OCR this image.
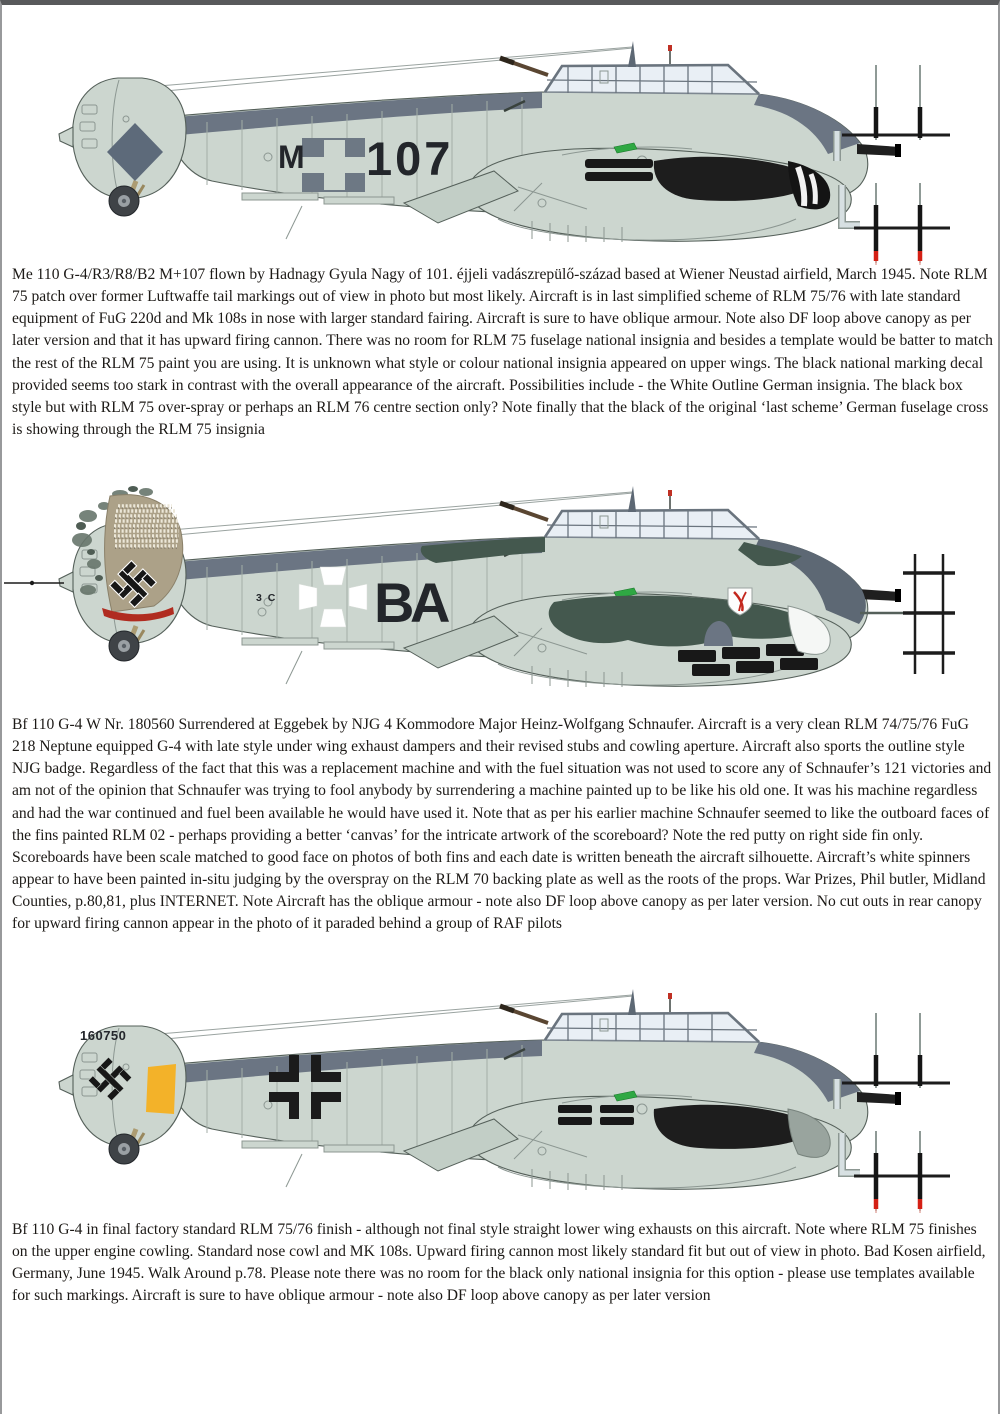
M 107

Me 110 G-4/R3/R8/B2 M+107 flown by Hadnagy Gyula Nagy of 101. éjjeli vadászrepülő-század based at Wiener Neustad airfield, March 1945. Note RLM 75 patch over former Luftwaffe tail markings out of view in photo but most likely. Aircraft is in last simplified scheme of RLM 75/76 with late standard equipment of FuG 220d and Mk 108s in nose with larger standard fairing. Aircraft is sure to have oblique armour. Note also DF loop above canopy as per later version and that it has upward firing cannon. There was no room for RLM 75 fuselage national insignia and besides a template would be batter to match the rest of the RLM 75 paint you are using. It is unknown what style or colour national insignia appeared on upper wings. The black national marking decal provided seems too stark in contrast with the overall appearance of the aircraft. Possibilities include - the White Outline German insignia. The black box style but with RLM 75 over-spray or perhaps an RLM 76 centre section only? Note finally that the black of the original ‘last scheme’ German fuselage cross is showing through the RLM 75 insignia

B
A
3 C

Bf 110 G-4 W Nr. 180560 Surrendered at Eggebek by NJG 4 Kommodore Major Heinz-Wolfgang Schnaufer. Aircraft is a very clean RLM 74/75/76 FuG 218 Neptune equipped G-4 with late style under wing exhaust dampers and their revised stubs and cowling aperture. Aircraft also sports the outline style NJG badge. Regardless of the fact that this was a replacement machine and with the fuel situation was not used to score any of Schnaufer’s 121 victories and am not of the opinion that Schnaufer was trying to fool anybody by surrendering a machine painted up to be like his old one. It was his machine regardless and had the war continued and fuel been available he would have used it. Note that as per his earlier machine Schnaufer seemed to like the outboard faces of the fins painted RLM 02 - perhaps providing a better ‘canvas’ for the intricate artwork of the scoreboard? Note the red putty on right side fin only. Scoreboards have been scale matched to good face on photos of both fins and each date is written beneath the aircraft silhouette. Aircraft’s white spinners appear to have been painted in-situ judging by the overspray on the RLM 70 backing plate as well as the roots of the props. War Prizes, Phil butler, Midland Counties, p.80,81, plus INTERNET. Note Aircraft has the oblique armour - note also DF loop above canopy as per later version. No cut outs in rear canopy for upward firing cannon appear in the photo of it paraded behind a group of RAF pilots

160750

Bf 110 G-4 in final factory standard RLM 75/76 finish - although not final style straight lower wing exhausts on this aircraft. Note where RLM 75 finishes on the upper engine cowling. Standard nose cowl and MK 108s. Upward firing cannon most likely standard fit but out of view in photo. Bad Kosen airfield, Germany, June 1945. Walk Around p.78. Please note there was no room for the black only national insignia for this option - please use templates available for such markings. Aircraft is sure to have oblique armour - note also DF loop above canopy as per later version
